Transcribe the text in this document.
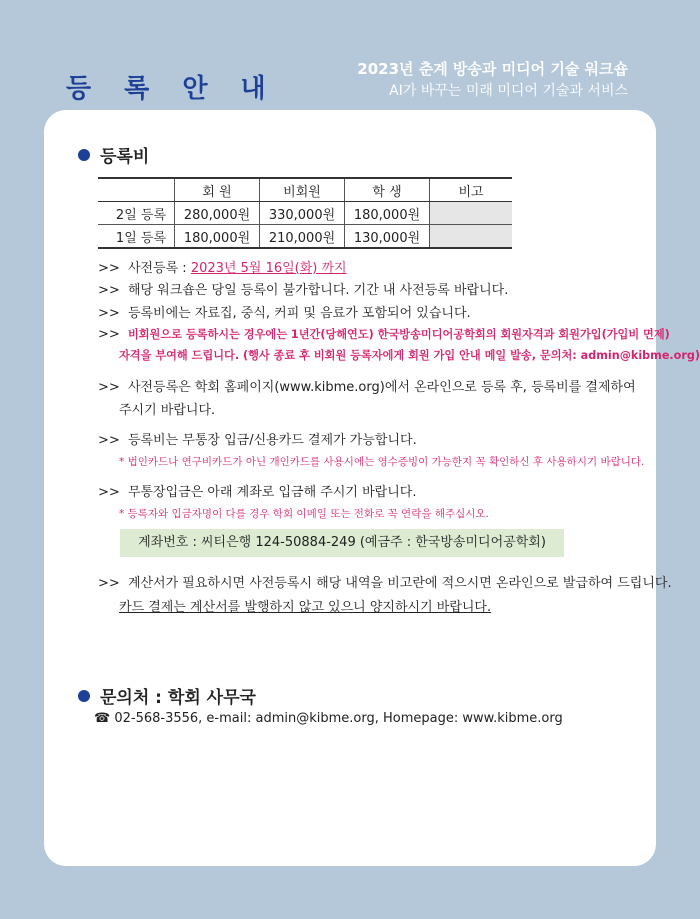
등 록 안 내
2023년 춘계 방송과 미디어 기술 워크숍
AI가 바꾸는 미래 미디어 기술과 서비스
등록비
	회 원	비회원	학 생	비고
2일 등록	280,000원	330,000원	180,000원	
1일 등록	180,000원	210,000원	130,000원	
>> 사전등록 : 2023년 5월 16일(화) 까지
>> 해당 워크숍은 당일 등록이 불가합니다. 기간 내 사전등록 바랍니다.
>> 등록비에는 자료집, 중식, 커피 및 음료가 포함되어 있습니다.
>> 비회원으로 등록하시는 경우에는 1년간(당해연도) 한국방송미디어공학회의 회원자격과 회원가입(가입비 면제)
자격을 부여해 드립니다. (행사 종료 후 비회원 등록자에게 회원 가입 안내 메일 발송, 문의처: admin@kibme.org)
>> 사전등록은 학회 홈페이지(www.kibme.org)에서 온라인으로 등록 후, 등록비를 결제하여
주시기 바랍니다.
>> 등록비는 무통장 입금/신용카드 결제가 가능합니다.
* 법인카드나 연구비카드가 아닌 개인카드를 사용시에는 영수증빙이 가능한지 꼭 확인하신 후 사용하시기 바랍니다.
>> 무통장입금은 아래 계좌로 입금해 주시기 바랍니다.
* 등록자와 입금자명이 다를 경우 학회 이메일 또는 전화로 꼭 연락을 해주십시오.
계좌번호 : 씨티은행 124-50884-249 (예금주 : 한국방송미디어공학회)
>> 계산서가 필요하시면 사전등록시 해당 내역을 비고란에 적으시면 온라인으로 발급하여 드립니다.
카드 결제는 계산서를 발행하지 않고 있으니 양지하시기 바랍니다.
문의처 : 학회 사무국
☎ 02-568-3556, e-mail: admin@kibme.org, Homepage: www.kibme.org
